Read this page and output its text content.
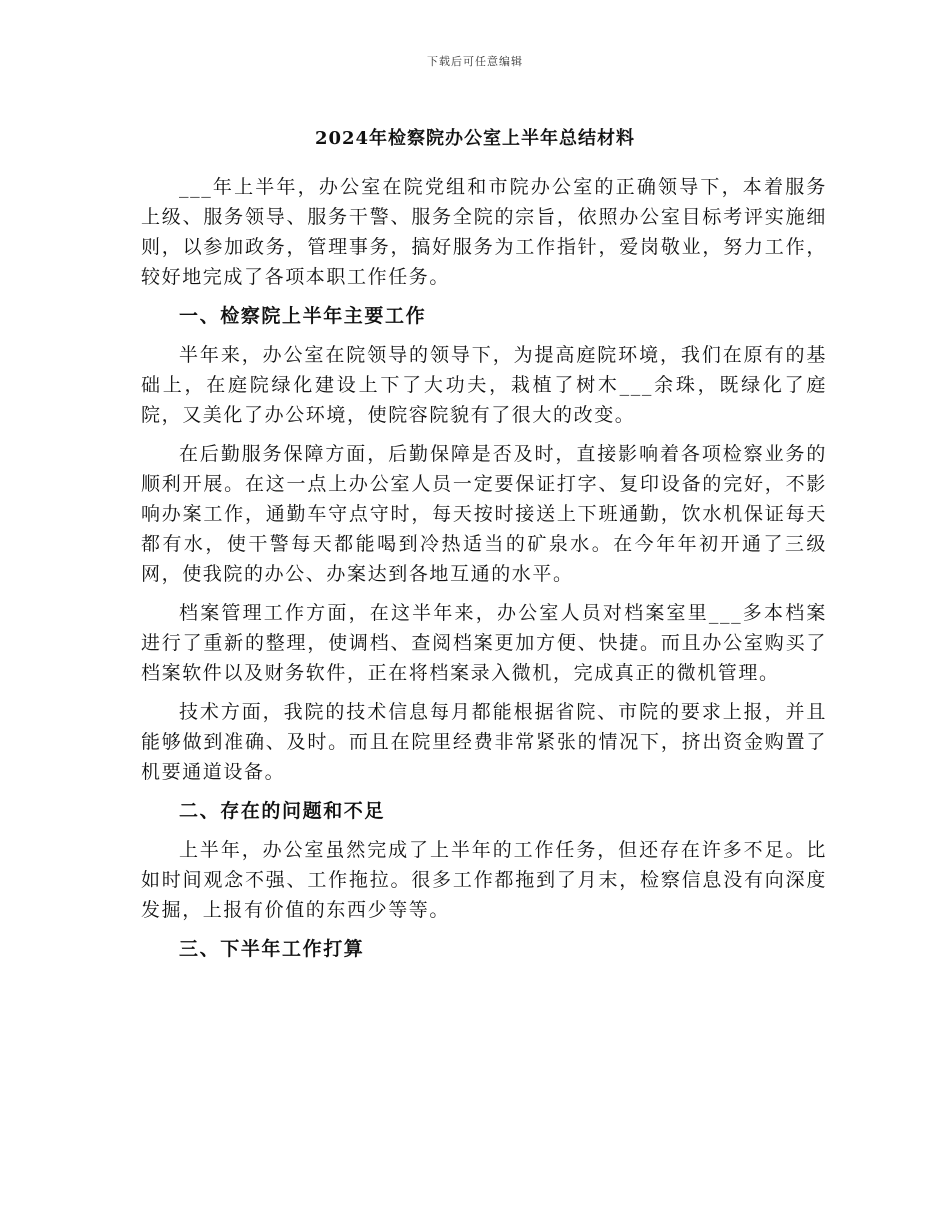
下载后可任意编辑
2024年检察院办公室上半年总结材料

___年上半年，办公室在院党组和市院办公室的正确领导下，本着服务上级、服务领导、服务干警、服务全院的宗旨，依照办公室目标考评实施细则，以参加政务，管理事务，搞好服务为工作指针，爱岗敬业，努力工作，较好地完成了各项本职工作任务。

一、检察院上半年主要工作

半年来，办公室在院领导的领导下，为提高庭院环境，我们在原有的基础上，在庭院绿化建设上下了大功夫，栽植了树木___余珠，既绿化了庭院，又美化了办公环境，使院容院貌有了很大的改变。

在后勤服务保障方面，后勤保障是否及时，直接影响着各项检察业务的顺利开展。在这一点上办公室人员一定要保证打字、复印设备的完好，不影响办案工作，通勤车守点守时，每天按时接送上下班通勤，饮水机保证每天都有水，使干警每天都能喝到冷热适当的矿泉水。在今年年初开通了三级网，使我院的办公、办案达到各地互通的水平。

档案管理工作方面，在这半年来，办公室人员对档案室里___多本档案进行了重新的整理，使调档、查阅档案更加方便、快捷。而且办公室购买了档案软件以及财务软件，正在将档案录入微机，完成真正的微机管理。

技术方面，我院的技术信息每月都能根据省院、市院的要求上报，并且能够做到准确、及时。而且在院里经费非常紧张的情况下，挤出资金购置了机要通道设备。

二、存在的问题和不足

上半年，办公室虽然完成了上半年的工作任务，但还存在许多不足。比如时间观念不强、工作拖拉。很多工作都拖到了月末，检察信息没有向深度发掘，上报有价值的东西少等等。

三、下半年工作打算
